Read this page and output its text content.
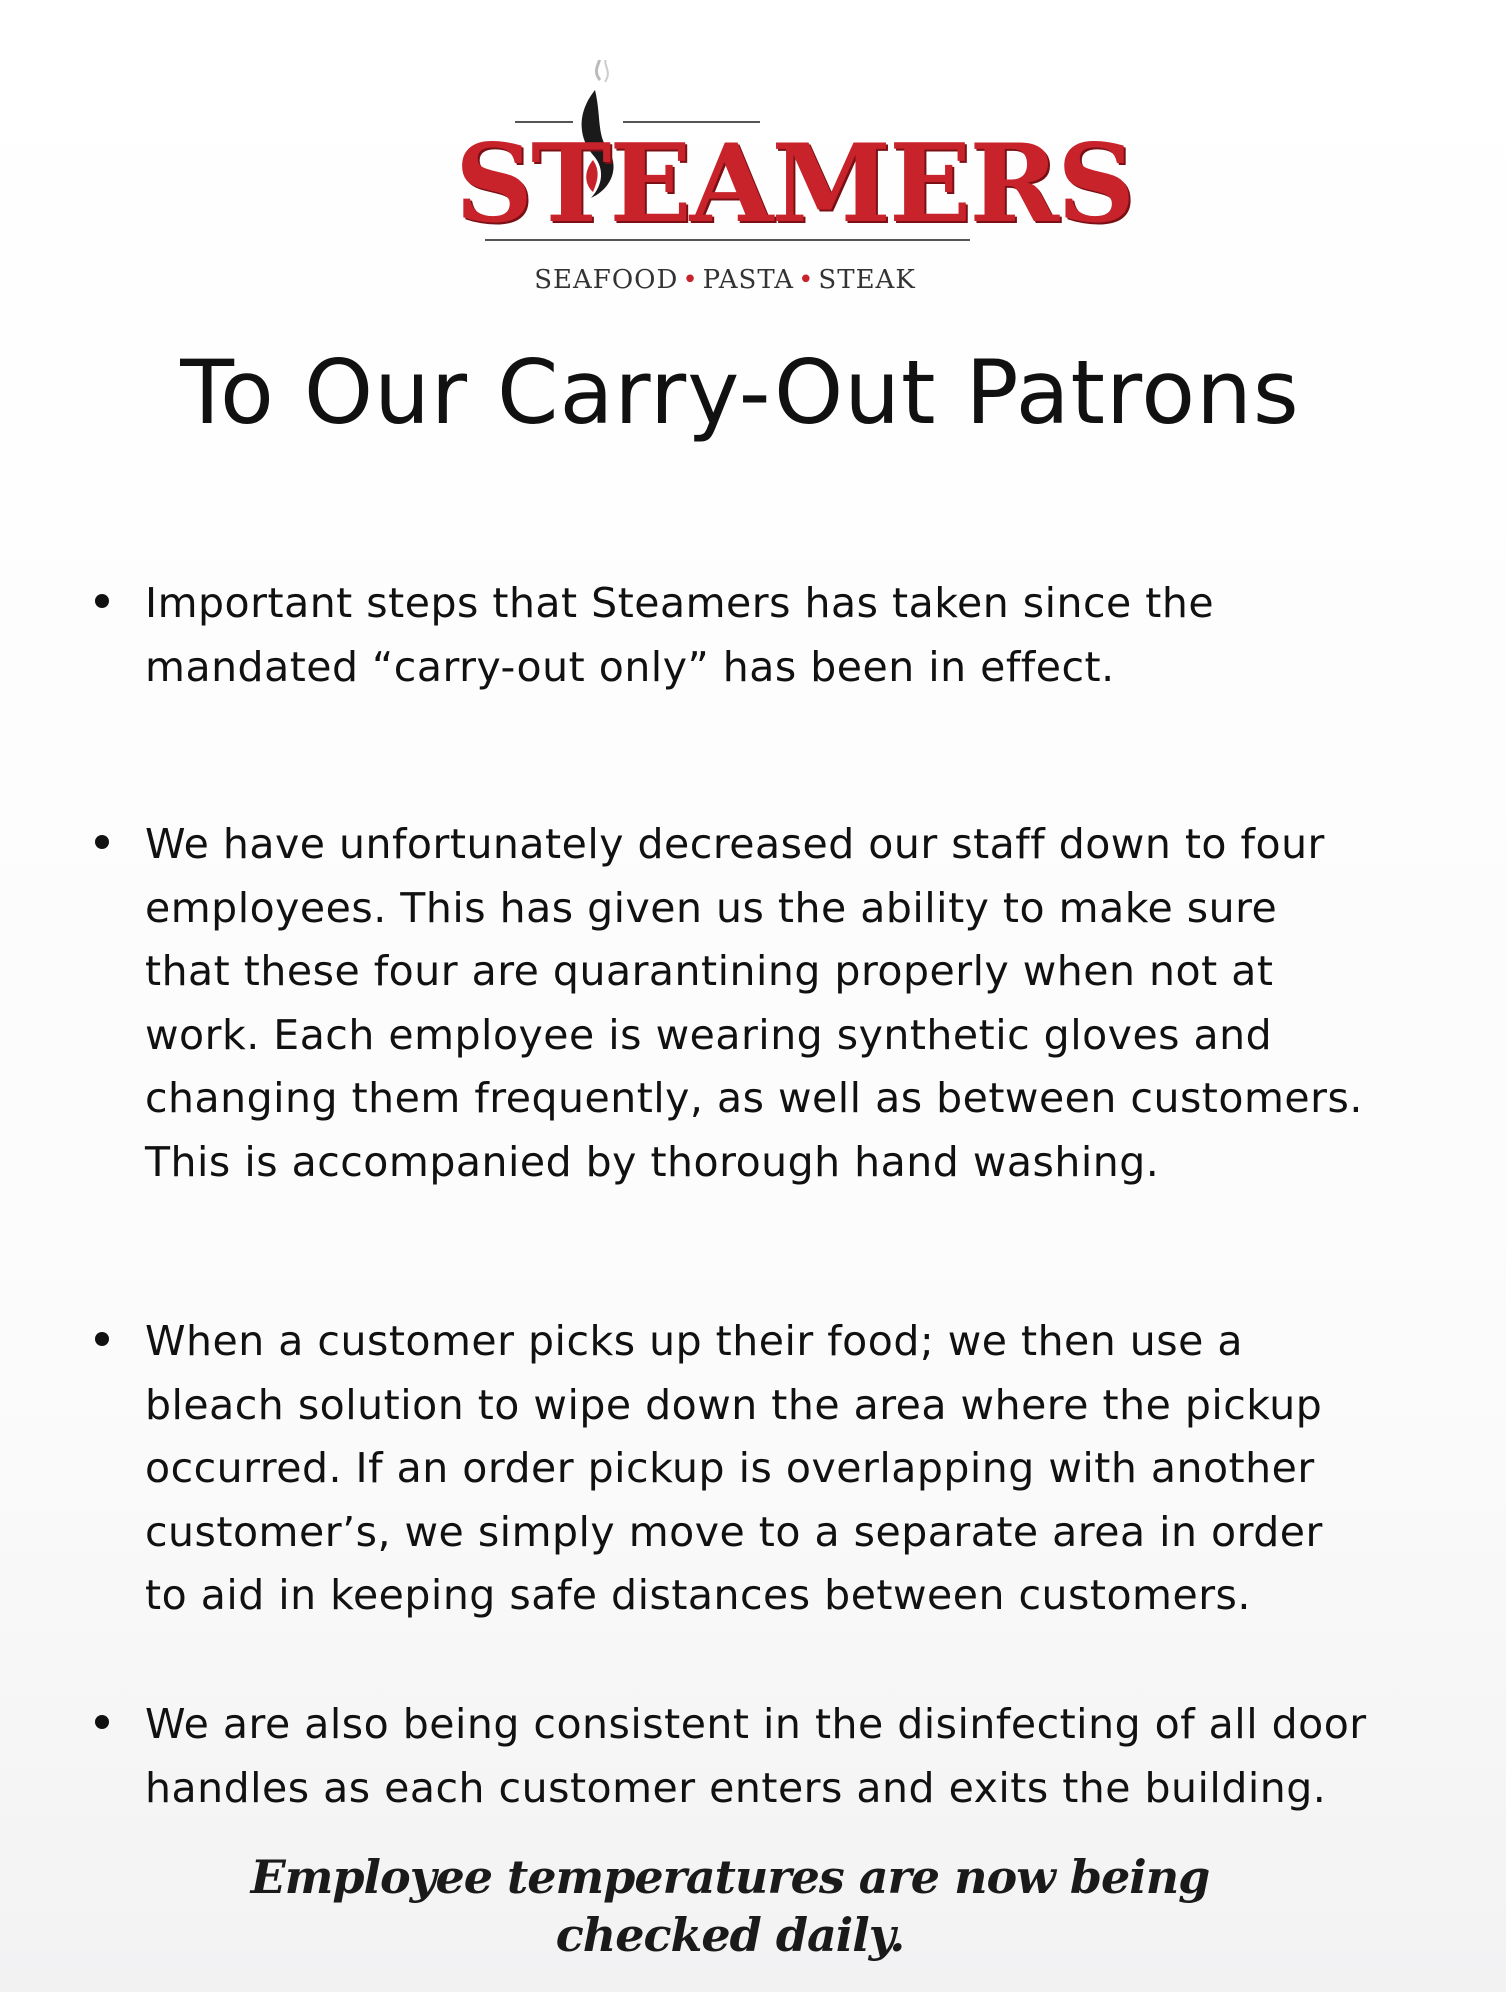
STEAMERS
SEAFOOD • PASTA • STEAK
To Our Carry-Out Patrons
Important steps that Steamers has taken since the
mandated “carry-out only” has been in effect.
We have unfortunately decreased our staff down to four
employees. This has given us the ability to make sure
that these four are quarantining properly when not at
work. Each employee is wearing synthetic gloves and
changing them frequently, as well as between customers.
This is accompanied by thorough hand washing.
When a customer picks up their food; we then use a
bleach solution to wipe down the area where the pickup
occurred. If an order pickup is overlapping with another
customer’s, we simply move to a separate area in order
to aid in keeping safe distances between customers.
We are also being consistent in the disinfecting of all door
handles as each customer enters and exits the building.
Employee temperatures are now being
checked daily.
